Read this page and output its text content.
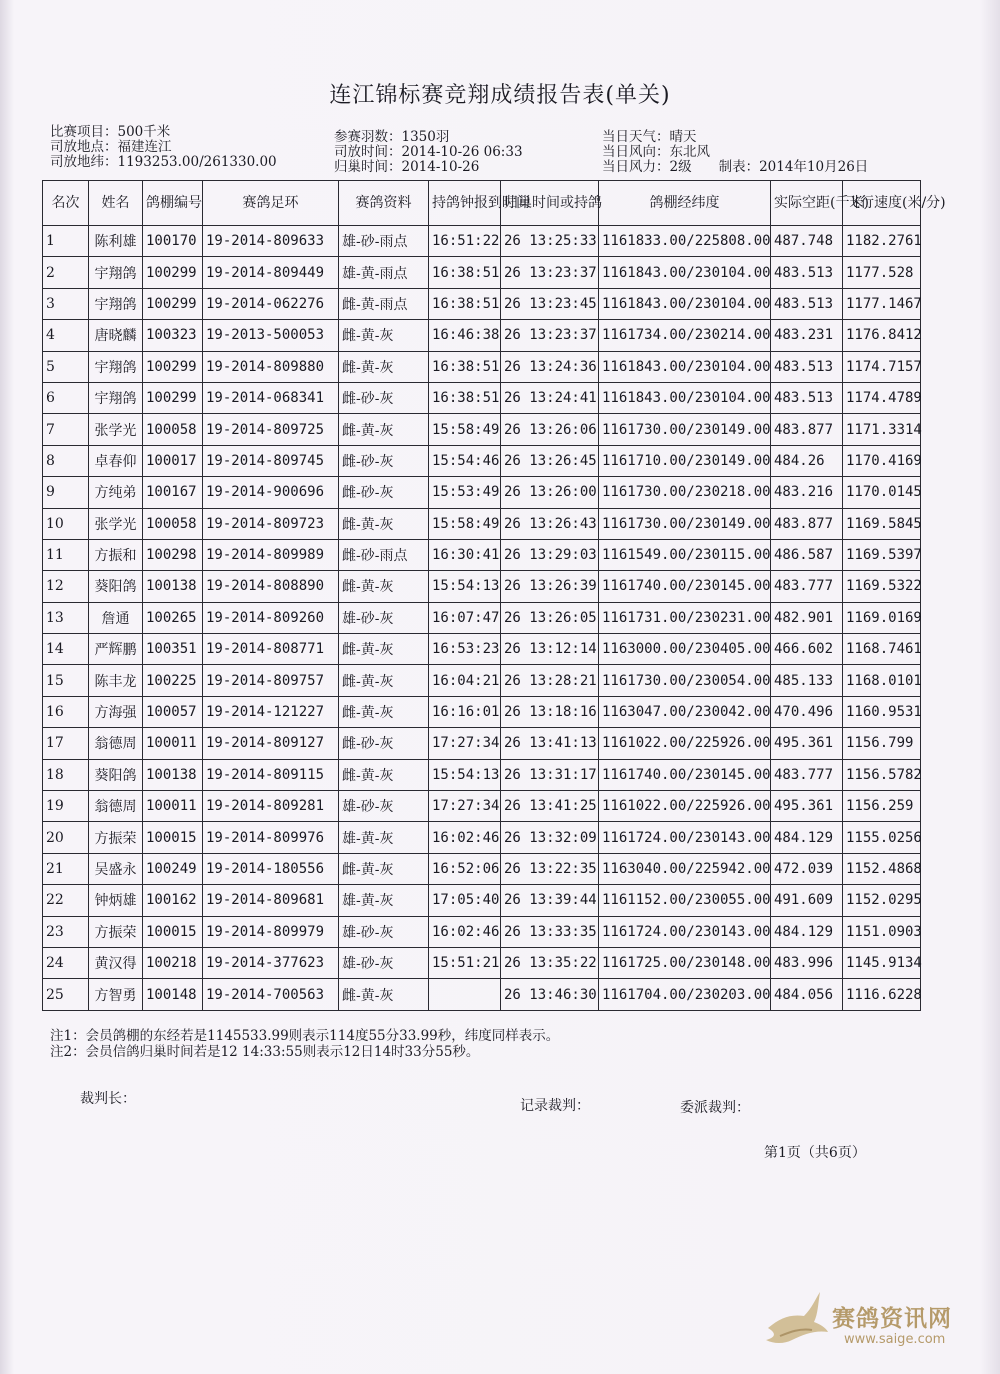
连江锦标赛竞翔成绩报告表(单关)
比赛项目：500千米
司放地点：福建连江
司放地纬：1193253.00/261330.00
参赛羽数：1350羽
司放时间：2014-10-26 06:33
归巢时间：2014-10-26
当日天气：晴天
当日风向：东北风
当日风力：2级　　制表：2014年10月26日
名次	姓名	鸽棚编号	赛鸽足环	赛鸽资料	持鸽钟报到时间	归巢时间或持鸽	鸽棚经纬度	实际空距(千米)	飞行速度(米/分)
1	陈利雄	100170	19-2014-809633	雄-砂-雨点	16:51:22	26 13:25:33	1161833.00/225808.00	487.748	1182.2761
2	宇翔鸽	100299	19-2014-809449	雄-黄-雨点	16:38:51	26 13:23:37	1161843.00/230104.00	483.513	1177.528
3	宇翔鸽	100299	19-2014-062276	雌-黄-雨点	16:38:51	26 13:23:45	1161843.00/230104.00	483.513	1177.1467
4	唐晓麟	100323	19-2013-500053	雌-黄-灰	16:46:38	26 13:23:37	1161734.00/230214.00	483.231	1176.8412
5	宇翔鸽	100299	19-2014-809880	雌-黄-灰	16:38:51	26 13:24:36	1161843.00/230104.00	483.513	1174.7157
6	宇翔鸽	100299	19-2014-068341	雌-砂-灰	16:38:51	26 13:24:41	1161843.00/230104.00	483.513	1174.4789
7	张学光	100058	19-2014-809725	雌-黄-灰	15:58:49	26 13:26:06	1161730.00/230149.00	483.877	1171.3314
8	卓春仰	100017	19-2014-809745	雌-砂-灰	15:54:46	26 13:26:45	1161710.00/230149.00	484.26	1170.4169
9	方纯弟	100167	19-2014-900696	雌-砂-灰	15:53:49	26 13:26:00	1161730.00/230218.00	483.216	1170.0145
10	张学光	100058	19-2014-809723	雌-黄-灰	15:58:49	26 13:26:43	1161730.00/230149.00	483.877	1169.5845
11	方振和	100298	19-2014-809989	雌-砂-雨点	16:30:41	26 13:29:03	1161549.00/230115.00	486.587	1169.5397
12	葵阳鸽	100138	19-2014-808890	雌-黄-灰	15:54:13	26 13:26:39	1161740.00/230145.00	483.777	1169.5322
13	詹通	100265	19-2014-809260	雄-砂-灰	16:07:47	26 13:26:05	1161731.00/230231.00	482.901	1169.0169
14	严辉鹏	100351	19-2014-808771	雌-黄-灰	16:53:23	26 13:12:14	1163000.00/230405.00	466.602	1168.7461
15	陈丰龙	100225	19-2014-809757	雌-黄-灰	16:04:21	26 13:28:21	1161730.00/230054.00	485.133	1168.0101
16	方海强	100057	19-2014-121227	雌-黄-灰	16:16:01	26 13:18:16	1163047.00/230042.00	470.496	1160.9531
17	翁德周	100011	19-2014-809127	雌-砂-灰	17:27:34	26 13:41:13	1161022.00/225926.00	495.361	1156.799
18	葵阳鸽	100138	19-2014-809115	雌-黄-灰	15:54:13	26 13:31:17	1161740.00/230145.00	483.777	1156.5782
19	翁德周	100011	19-2014-809281	雄-砂-灰	17:27:34	26 13:41:25	1161022.00/225926.00	495.361	1156.259
20	方振荣	100015	19-2014-809976	雄-黄-灰	16:02:46	26 13:32:09	1161724.00/230143.00	484.129	1155.0256
21	吴盛永	100249	19-2014-180556	雌-黄-灰	16:52:06	26 13:22:35	1163040.00/225942.00	472.039	1152.4868
22	钟炳雄	100162	19-2014-809681	雄-黄-灰	17:05:40	26 13:39:44	1161152.00/230055.00	491.609	1152.0295
23	方振荣	100015	19-2014-809979	雄-砂-灰	16:02:46	26 13:33:35	1161724.00/230143.00	484.129	1151.0903
24	黄汉得	100218	19-2014-377623	雄-砂-灰	15:51:21	26 13:35:22	1161725.00/230148.00	483.996	1145.9134
25	方智勇	100148	19-2014-700563	雌-黄-灰		26 13:46:30	1161704.00/230203.00	484.056	1116.6228
注1：会员鸽棚的东经若是1145533.99则表示114度55分33.99秒，纬度同样表示。
注2：会员信鸽归巢时间若是12 14:33:55则表示12日14时33分55秒。
裁判长：	记录裁判：	委派裁判：
第1页（共6页）
赛鸽资讯网
www.saige.com
